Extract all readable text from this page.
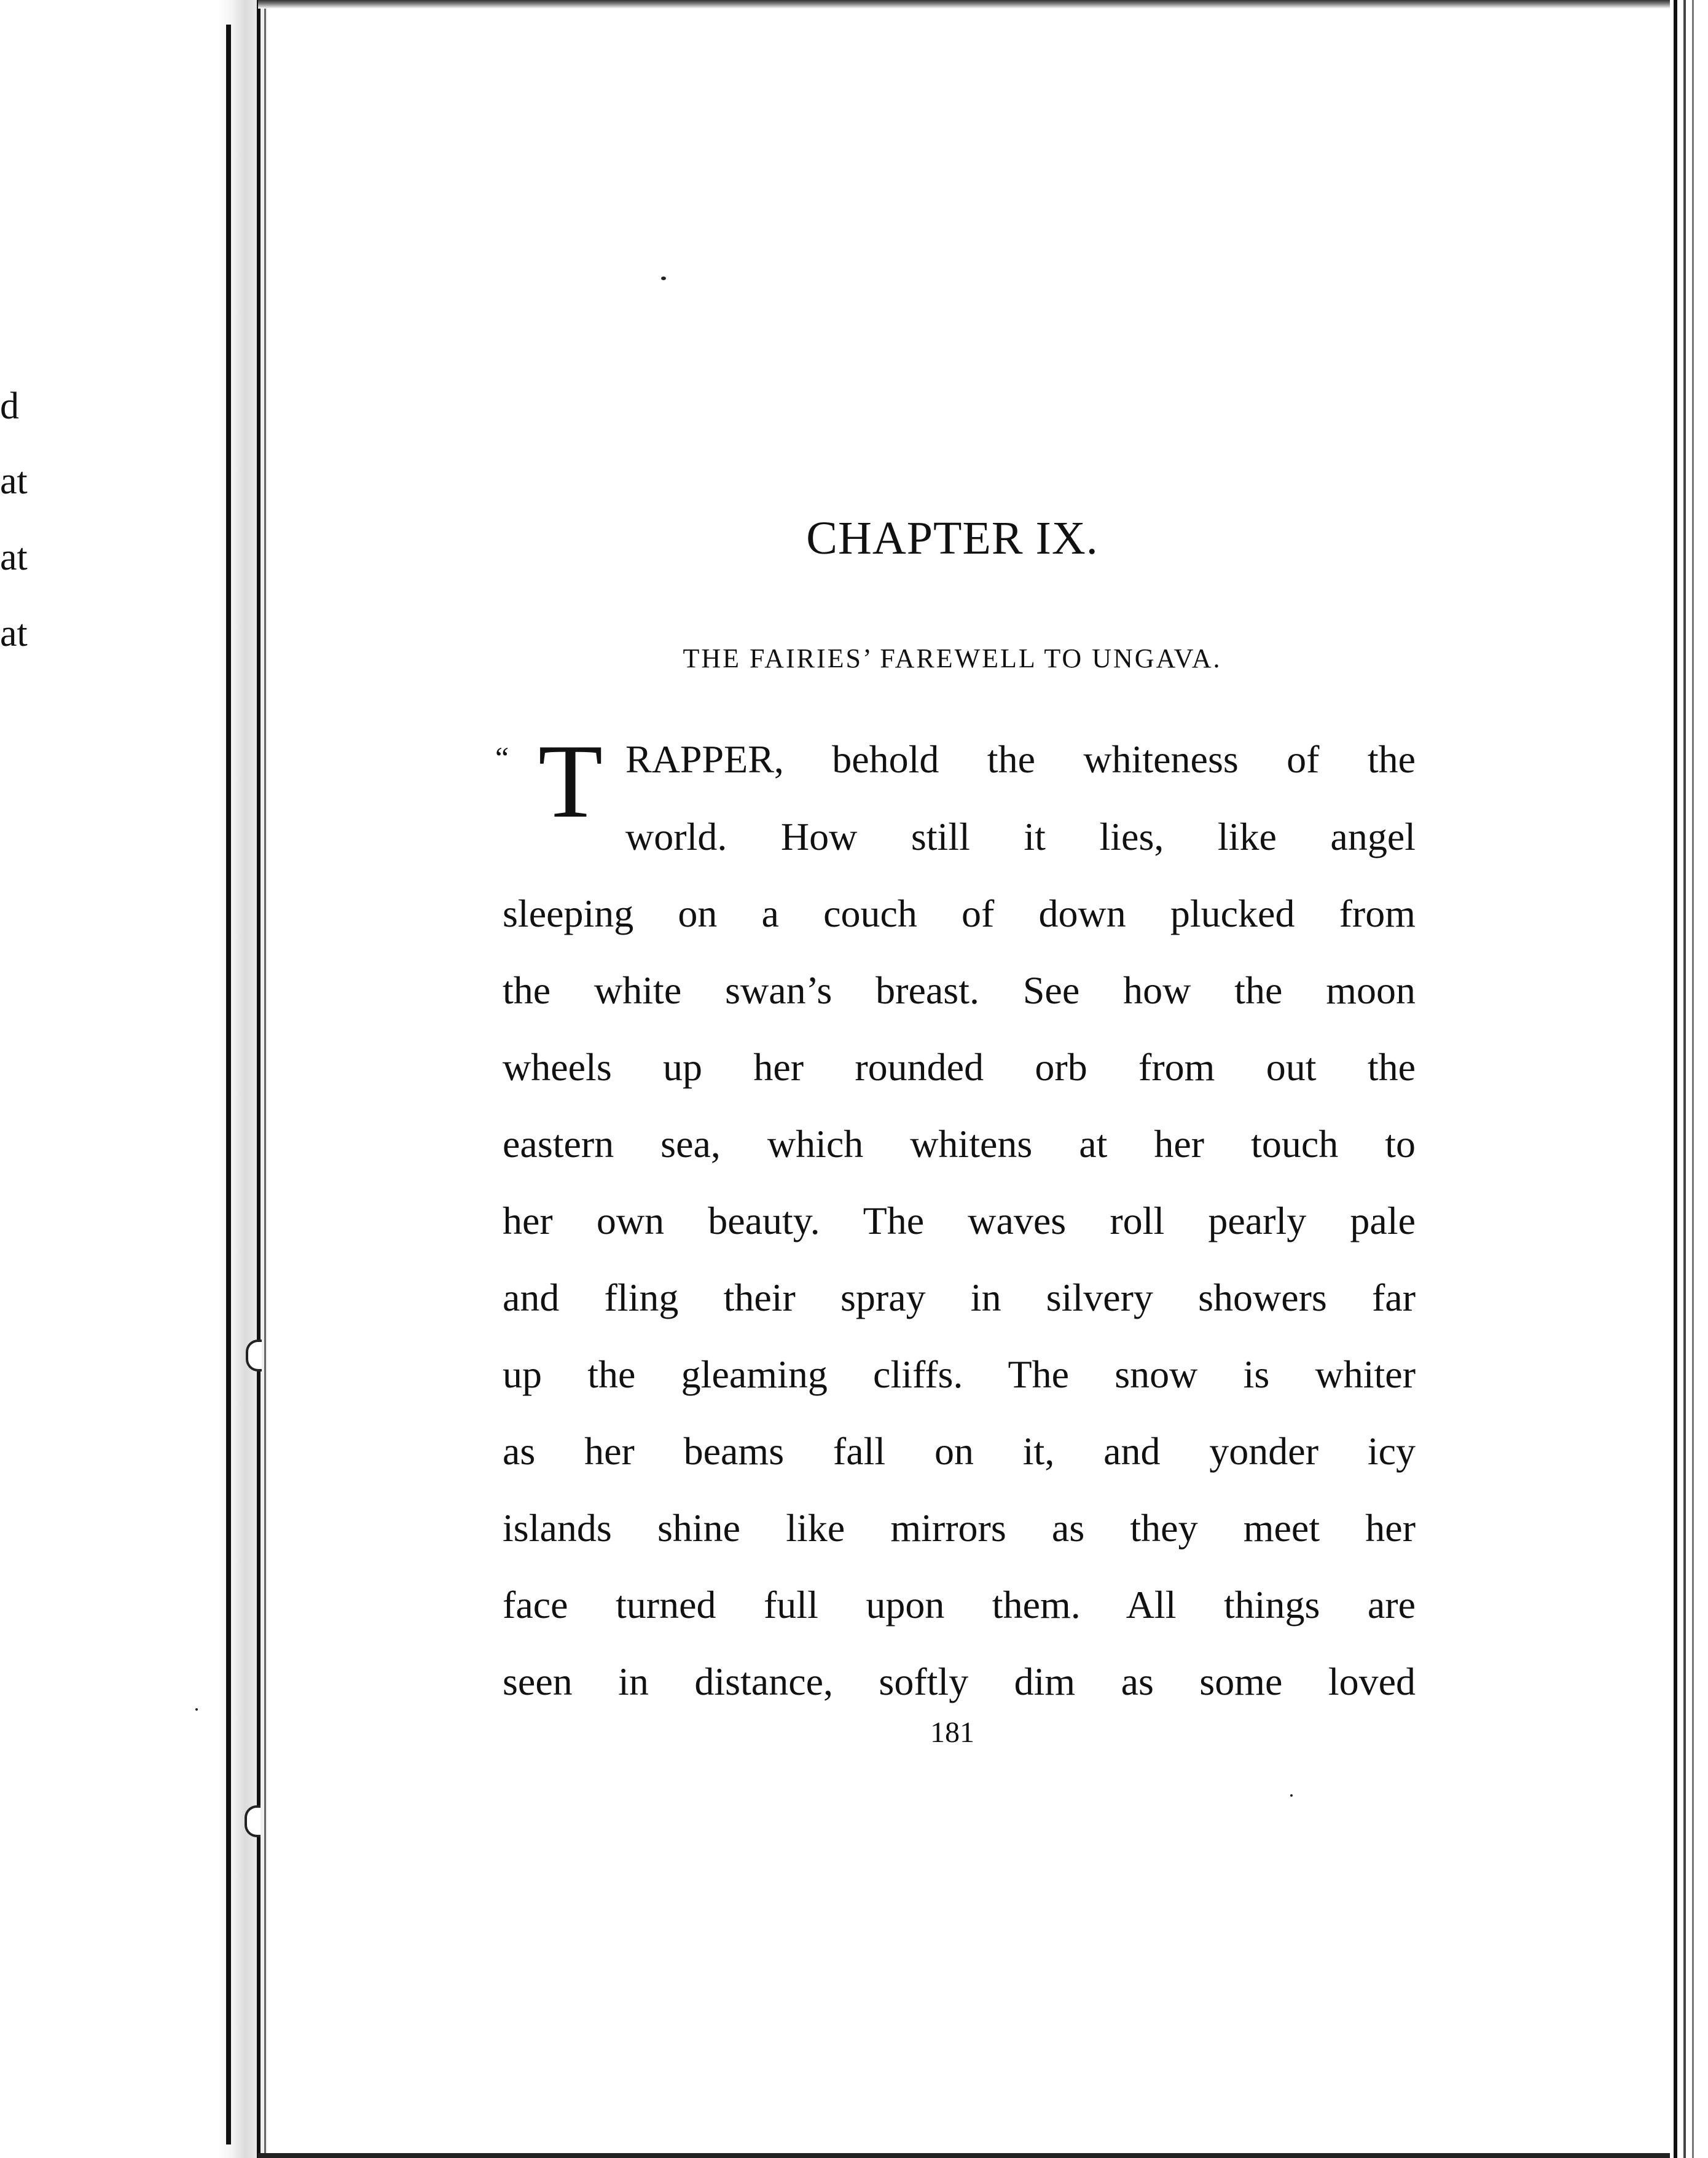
d
at
at
at
CHAPTER IX.
THE FAIRIES’ FAREWELL TO UNGAVA.
“ T RAPPER, behold the whiteness of the

world. How still it lies, like angel

sleeping on a couch of down plucked from

the white swan’s breast. See how the moon

wheels up her rounded orb from out the

eastern sea, which whitens at her touch to

her own beauty. The waves roll pearly pale

and fling their spray in silvery showers far

up the gleaming cliffs. The snow is whiter

as her beams fall on it, and yonder icy

islands shine like mirrors as they meet her

face turned full upon them. All things are

seen in distance, softly dim as some loved

181
